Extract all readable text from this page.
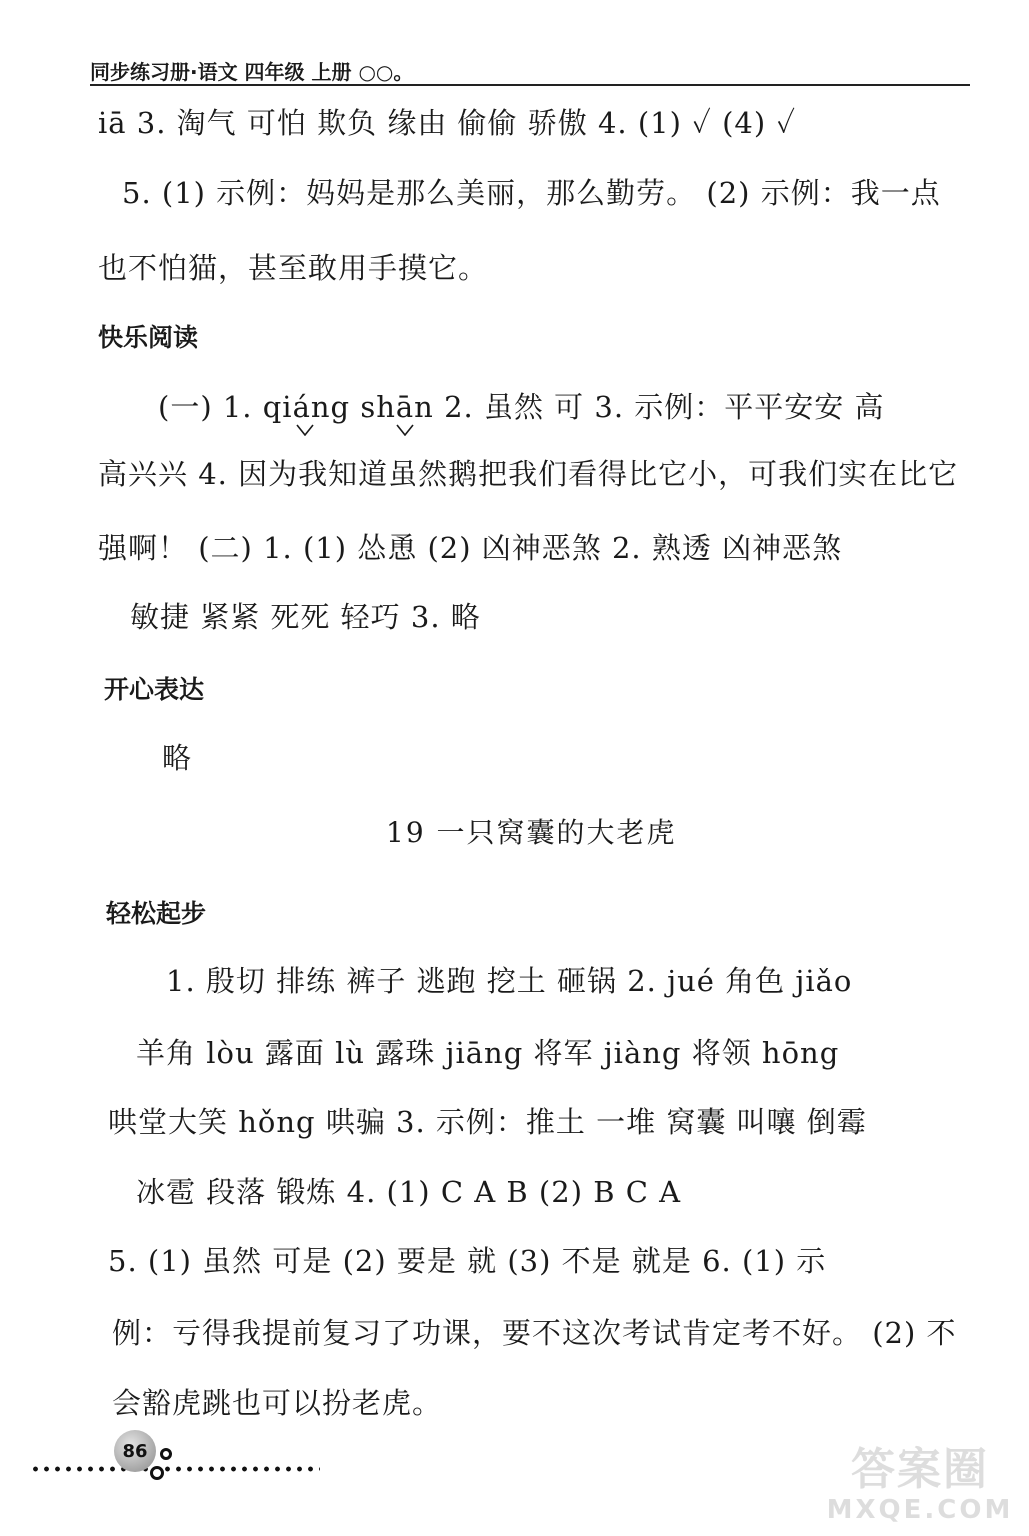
同步练习册·语文 四年级 上册 ○○。
iā 3. 淘气 可怕 欺负 缘由 偷偷 骄傲 4. (1) ✓ (4) ✓
5. (1) 示例：妈妈是那么美丽，那么勤劳。 (2) 示例：我一点
也不怕猫，甚至敢用手摸它。
快乐阅读
(一) 1. qiáng shān 2. 虽然 可 3. 示例：平平安安 高
高兴兴 4. 因为我知道虽然鹅把我们看得比它小，可我们实在比它
强啊！ (二) 1. (1) 怂恿 (2) 凶神恶煞 2. 熟透 凶神恶煞
敏捷 紧紧 死死 轻巧 3. 略
开心表达
略
19 一只窝囊的大老虎
轻松起步
1. 殷切 排练 裤子 逃跑 挖土 砸锅 2. jué 角色 jiǎo
羊角 lòu 露面 lù 露珠 jiāng 将军 jiàng 将领 hōng
哄堂大笑 hǒng 哄骗 3. 示例：推土 一堆 窝囊 叫嚷 倒霉
冰雹 段落 锻炼 4. (1) C A B (2) B C A
5. (1) 虽然 可是 (2) 要是 就 (3) 不是 就是 6. (1) 示
例：亏得我提前复习了功课，要不这次考试肯定考不好。 (2) 不
会豁虎跳也可以扮老虎。
86	答案圈
MXQE.COM
